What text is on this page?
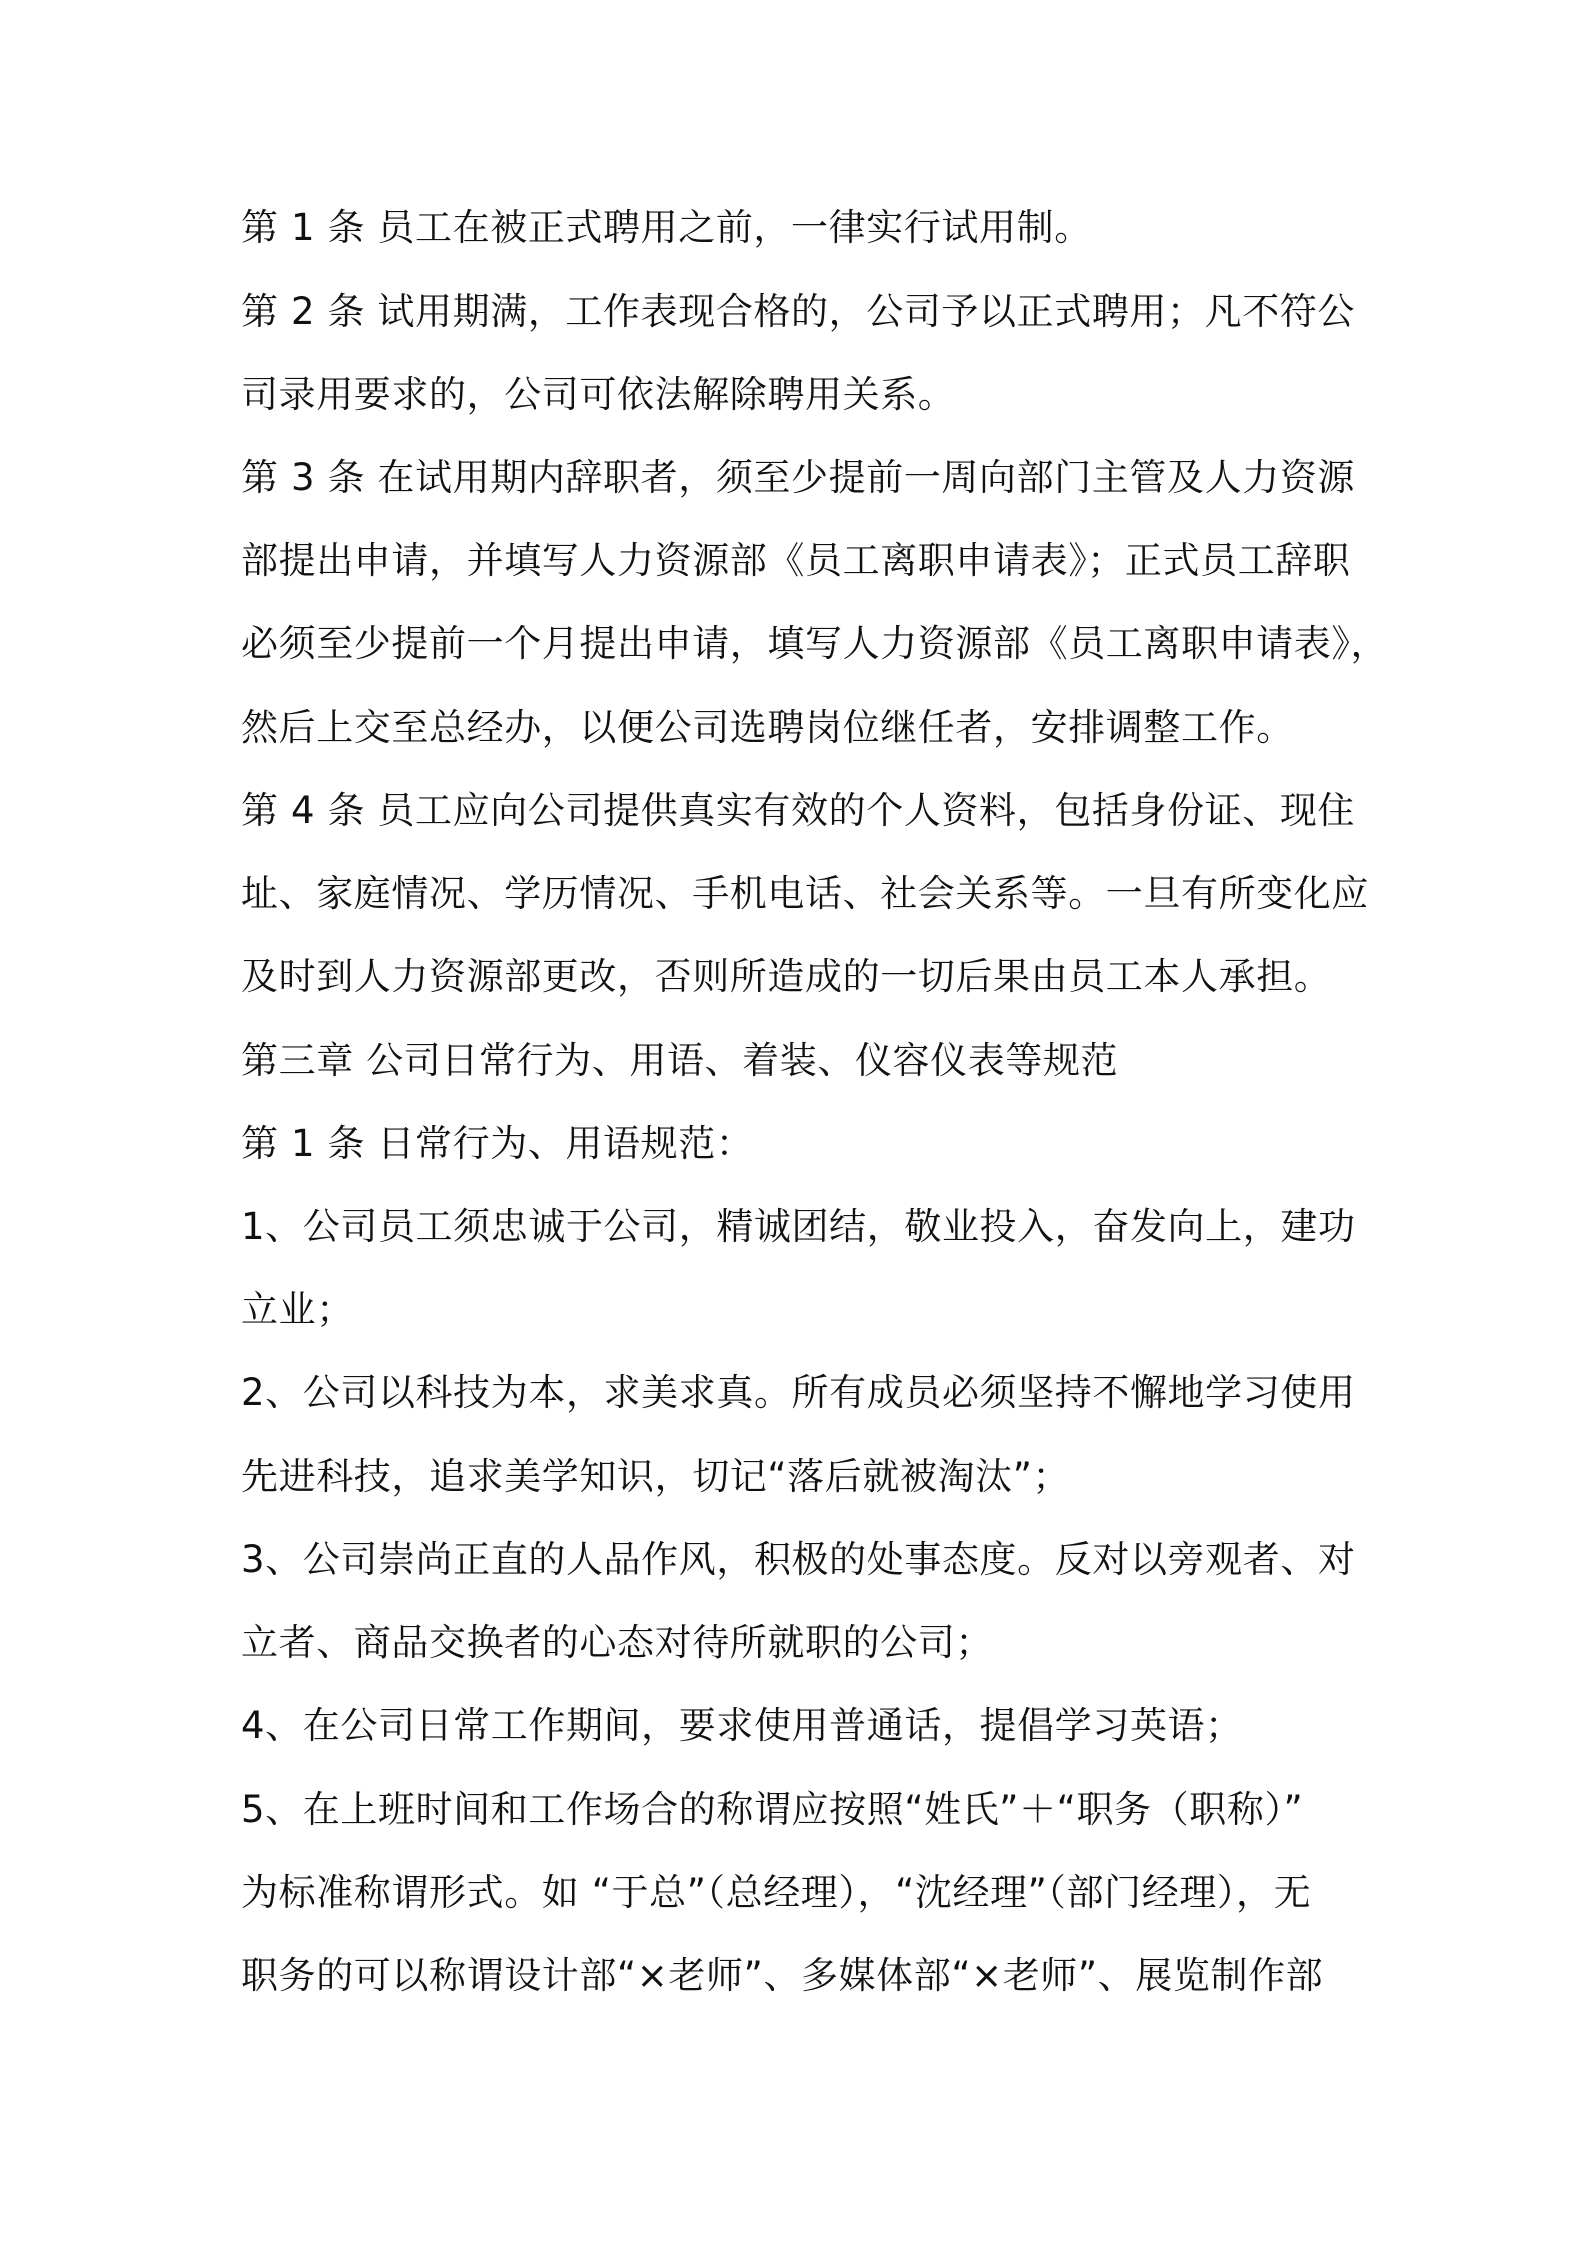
第 1 条 员工在被正式聘用之前，一律实行试用制。
第 2 条 试用期满，工作表现合格的，公司予以正式聘用；凡不符公
司录用要求的，公司可依法解除聘用关系。
第 3 条 在试用期内辞职者，须至少提前一周向部门主管及人力资源
部提出申请，并填写人力资源部《员工离职申请表》；正式员工辞职
必须至少提前一个月提出申请，填写人力资源部《员工离职申请表》，
然后上交至总经办，以便公司选聘岗位继任者，安排调整工作。
第 4 条 员工应向公司提供真实有效的个人资料，包括身份证、现住
址、家庭情况、学历情况、手机电话、社会关系等。一旦有所变化应
及时到人力资源部更改，否则所造成的一切后果由员工本人承担。
第三章 公司日常行为、用语、着装、仪容仪表等规范
第 1 条 日常行为、用语规范：
1、公司员工须忠诚于公司，精诚团结，敬业投入，奋发向上，建功
立业；
2、公司以科技为本，求美求真。所有成员必须坚持不懈地学习使用
先进科技，追求美学知识，切记“落后就被淘汰”；
3、公司崇尚正直的人品作风，积极的处事态度。反对以旁观者、对
立者、商品交换者的心态对待所就职的公司；
4、在公司日常工作期间，要求使用普通话，提倡学习英语；
5、在上班时间和工作场合的称谓应按照“姓氏”＋“职务（职称）”
为标准称谓形式。如 “于总”（总经理），“沈经理”（部门经理），无
职务的可以称谓设计部“×老师”、多媒体部“×老师”、展览制作部
